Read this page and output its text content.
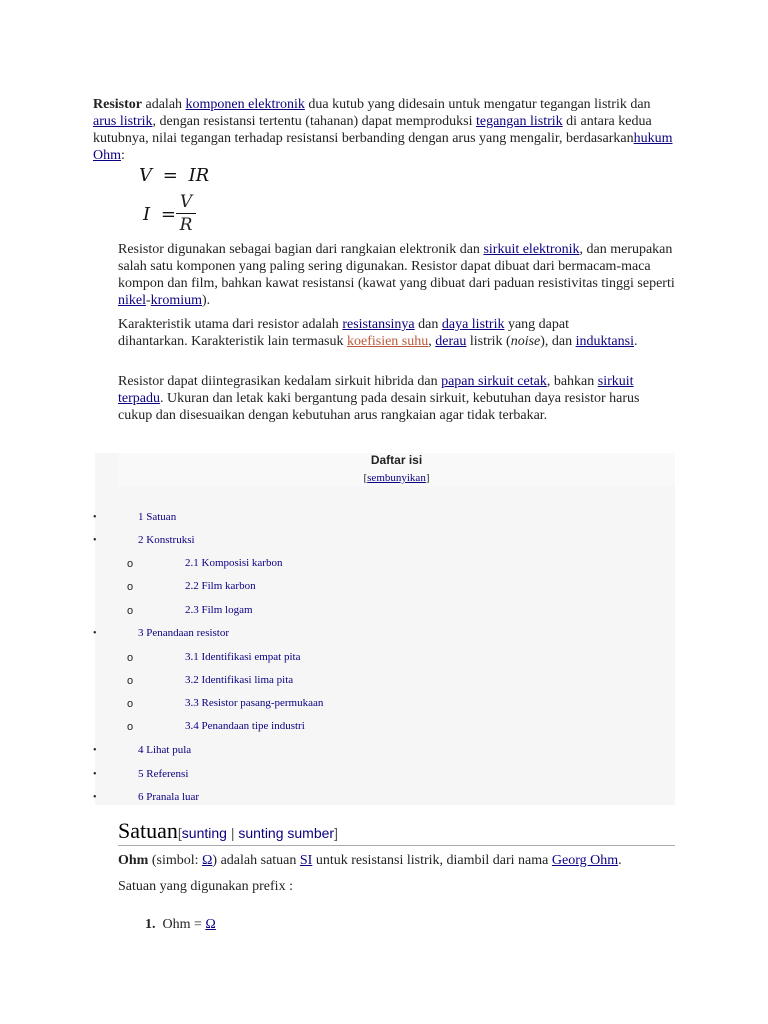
Resistor adalah komponen elektronik dua kutub yang didesain untuk mengatur tegangan listrik dan arus listrik, dengan resistansi tertentu (tahanan) dapat memproduksi tegangan listrik di antara kedua kutubnya, nilai tegangan terhadap resistansi berbanding dengan arus yang mengalir, berdasarkanhukum Ohm:

V = IR
I =
V
R

Resistor digunakan sebagai bagian dari rangkaian elektronik dan sirkuit elektronik, dan merupakan salah satu komponen yang paling sering digunakan. Resistor dapat dibuat dari bermacam-maca kompon dan film, bahkan kawat resistansi (kawat yang dibuat dari paduan resistivitas tinggi seperti nikel-kromium).

Karakteristik utama dari resistor adalah resistansinya dan daya listrik yang dapat dihantarkan. Karakteristik lain termasuk koefisien suhu, derau listrik (noise), dan induktansi.

Resistor dapat diintegrasikan kedalam sirkuit hibrida dan papan sirkuit cetak, bahkan sirkuit terpadu. Ukuran dan letak kaki bergantung pada desain sirkuit, kebutuhan daya resistor harus cukup dan disesuaikan dengan kebutuhan arus rangkaian agar tidak terbakar.

Daftar isi
[sembunyikan]
•	1 Satuan
•	2 Konstruksi
o	2.1 Komposisi karbon
o	2.2 Film karbon
o	2.3 Film logam
•	3 Penandaan resistor
o	3.1 Identifikasi empat pita
o	3.2 Identifikasi lima pita
o	3.3 Resistor pasang-permukaan
o	3.4 Penandaan tipe industri
•	4 Lihat pula
•	5 Referensi
•	6 Pranala luar
Satuan[sunting | sunting sumber]

Ohm (simbol: Ω) adalah satuan SI untuk resistansi listrik, diambil dari nama Georg Ohm.

Satuan yang digunakan prefix :

1. Ohm = Ω
